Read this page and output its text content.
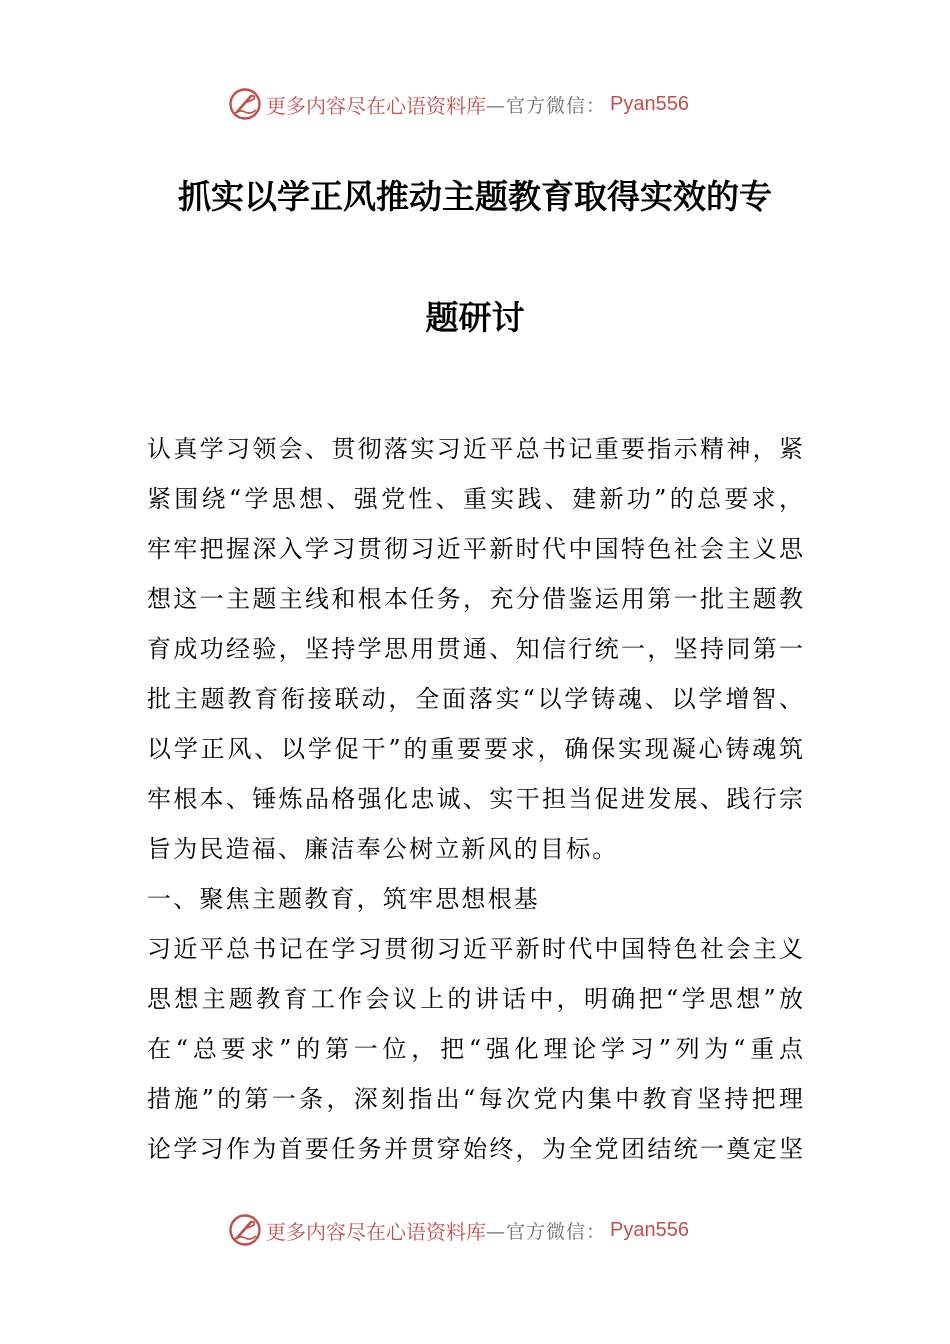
更多内容尽在心语资料库 —官方微信： Pyan556
抓实以学正风推动主题教育取得实效的专
题研讨
认真学习领会、贯彻落实习近平总书记重要指示精神，紧
紧围绕“学思想、强党性、重实践、建新功”的总要求，
牢牢把握深入学习贯彻习近平新时代中国特色社会主义思
想这一主题主线和根本任务，充分借鉴运用第一批主题教
育成功经验，坚持学思用贯通、知信行统一，坚持同第一
批主题教育衔接联动，全面落实“以学铸魂、以学增智、
以学正风、以学促干”的重要要求，确保实现凝心铸魂筑
牢根本、锤炼品格强化忠诚、实干担当促进发展、践行宗
旨为民造福、廉洁奉公树立新风的目标。
一、聚焦主题教育，筑牢思想根基
习近平总书记在学习贯彻习近平新时代中国特色社会主义
思想主题教育工作会议上的讲话中，明确把“学思想”放
在“总要求”的第一位，把“强化理论学习”列为“重点
措施”的第一条，深刻指出“每次党内集中教育坚持把理
论学习作为首要任务并贯穿始终，为全党团结统一奠定坚
更多内容尽在心语资料库 —官方微信： Pyan556
